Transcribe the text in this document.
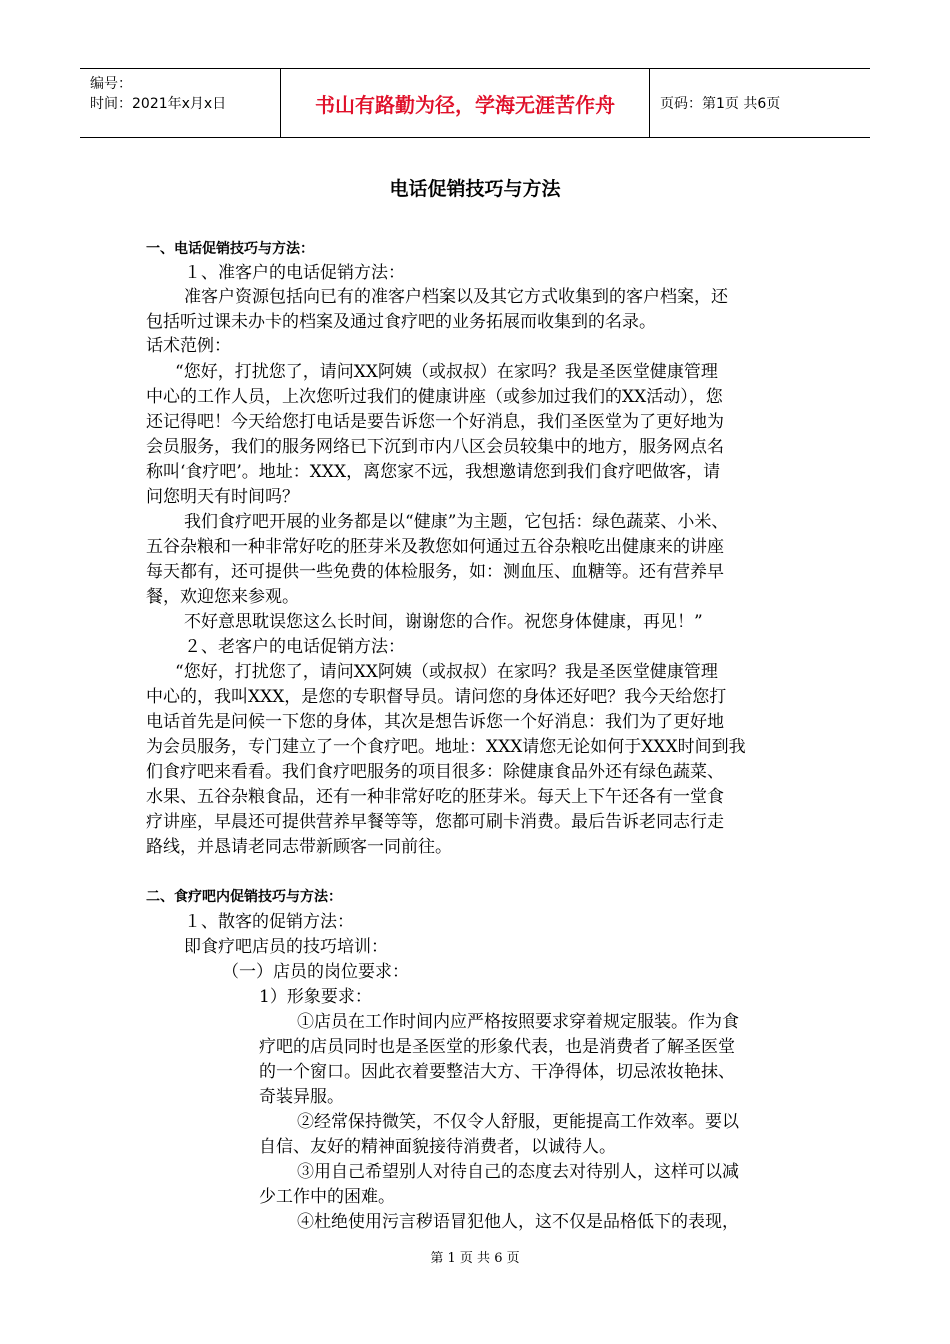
编号：
时间：2021年x月x日	书山有路勤为径，学海无涯苦作舟	页码：第1页 共6页
电话促销技巧与方法
一、电话促销技巧与方法：
１、准客户的电话促销方法：
准客户资源包括向已有的准客户档案以及其它方式收集到的客户档案，还
包括听过课未办卡的档案及通过食疗吧的业务拓展而收集到的名录。
话术范例：
“您好，打扰您了，请问XX阿姨（或叔叔）在家吗？我是圣医堂健康管理
中心的工作人员，上次您听过我们的健康讲座（或参加过我们的XX活动），您
还记得吧！今天给您打电话是要告诉您一个好消息，我们圣医堂为了更好地为
会员服务，我们的服务网络已下沉到市内八区会员较集中的地方，服务网点名
称叫‘食疗吧’。地址：XXX，离您家不远，我想邀请您到我们食疗吧做客，请
问您明天有时间吗？
我们食疗吧开展的业务都是以“健康”为主题，它包括：绿色蔬菜、小米、
五谷杂粮和一种非常好吃的胚芽米及教您如何通过五谷杂粮吃出健康来的讲座
每天都有，还可提供一些免费的体检服务，如：测血压、血糖等。还有营养早
餐，欢迎您来参观。
不好意思耽误您这么长时间，谢谢您的合作。祝您身体健康，再见！”
２、老客户的电话促销方法：
“您好，打扰您了，请问XX阿姨（或叔叔）在家吗？我是圣医堂健康管理
中心的，我叫XXX，是您的专职督导员。请问您的身体还好吧？我今天给您打
电话首先是问候一下您的身体，其次是想告诉您一个好消息：我们为了更好地
为会员服务，专门建立了一个食疗吧。地址：XXX请您无论如何于XXX时间到我
们食疗吧来看看。我们食疗吧服务的项目很多：除健康食品外还有绿色蔬菜、
水果、五谷杂粮食品，还有一种非常好吃的胚芽米。每天上下午还各有一堂食
疗讲座，早晨还可提供营养早餐等等，您都可刷卡消费。最后告诉老同志行走
路线，并恳请老同志带新顾客一同前往。
二、食疗吧内促销技巧与方法：
１、散客的促销方法：
即食疗吧店员的技巧培训：
（一）店员的岗位要求：
1）形象要求：
①店员在工作时间内应严格按照要求穿着规定服装。作为食
疗吧的店员同时也是圣医堂的形象代表，也是消费者了解圣医堂
的一个窗口。因此衣着要整洁大方、干净得体，切忌浓妆艳抹、
奇装异服。
②经常保持微笑，不仅令人舒服，更能提高工作效率。要以
自信、友好的精神面貌接待消费者，以诚待人。
③用自己希望别人对待自己的态度去对待别人，这样可以减
少工作中的困难。
④杜绝使用污言秽语冒犯他人，这不仅是品格低下的表现，
第 1 页 共 6 页
